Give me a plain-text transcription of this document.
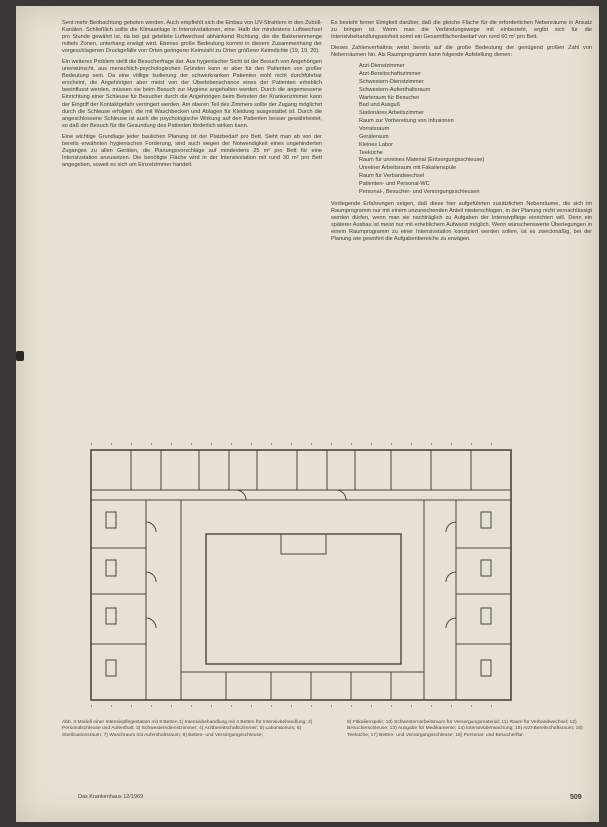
Sent mehr Beobachtung geboten werden. Auch empfiehlt sich die Einbau von UV-Strahlern in den Zubüll-Kanälen. Schließlich sollte die Klimaanlage in Intensivstationen, eine. Halb der mindestens Luftwechsel pro Stunde gewährt ist, da bei gut geleitete Luftwechsel abhänkend Richtung, die die Bakterienmenge mittels Zonen, unterhang erwägt wird. Ebenso große Bedeutung kommt in diesem Zusammenhang der vorgeschlagenen Druckgefälle von Orten geringerer Keimzahl zu Orten größerer Keimdichte (19, 19, 20).

Ein weiteres Problem stellt die Besucherfrage dar. Aus hygienischer Sicht ist der Besuch von Angehörigen unerwünscht, aus menschlich-psychologischen Gründen kann er aber für den Patienten von großer Bedeutung sein. Da eine völlige Isolierung der schwerkranken Patienten wohl nicht durchführbar erscheint, die Angehörigen aber meist von der Überlebenschance eines der Patienten erheblich beeinflusst werden, müssen sie beim Besuch zur Hygiene angehalten werden. Durch die angemessene Einrichtung einer Schleuse für Besucher durch die Angehörigen beim Betreten der Krankenzimmer kann der Eingriff der Kontaktgefahr verringert werden. Am oberen Teil des Zimmers sollte der Zugang möglichst durch die Schleuse erfolgen, die mit Waschbecken und Ablagen für Kleidung ausgestattet ist. Durch die angeschlossene Schleuse ist auch die psychologische Wirkung auf den Patienten besser gewährleistet, so daß der Besuch für die Gesundung des Patienten förderlich wirken kann.

Eine wichtige Grundlage jeder baulichen Planung ist der Platzbedarf pro Bett. Sieht man ab von der bereits erwähnten hygienischen Forderung, sind auch wegen der Notwendigkeit eines ungehinderten Zuganges zu allen Geräten, die Planungsvorschläge auf mindestens 25 m² pro Bett für eine Intensivstation anzusetzen. Die benötigte Fläche wird in der Intensivstation mit rund 30 m² pro Bett angegeben, soweit es sich um Einzelzimmer handelt.

Es besteht ferner Einigkeit darüber, daß die gleiche Fläche für die erforderlichen Nebenräume in Ansatz zu bringen ist. Wenn man die Verbindungswege mit einbezieht, ergibt sich für die Intensivbehandlungseinheit somit ein Gesamtflächenbedarf von rund 60 m² pro Bett.

Dieses Zahlenverhältnis weist bereits auf die große Bedeutung der genügend großen Zahl von Nebenräumen hin. Als Raumprogramm kann folgende Aufstellung dienen:

Arzt-Dienstzimmer
Arzt-Bereitschaftszimmer
Schwestern-Dienstzimmer
Schwestern-Aufenthaltsraum
Warteraum für Besucher
Bad und Ausguß
Stationäres Arbeitszimmer
Raum zur Vorbereitung von Infusionen
Vorratsraum
Geräteraum
Kleines Labor
Teeküche
Raum für unreines Material (Entsorgungsschleuse)
Unreiner Arbeitsraum mit Fäkalienspüle
Raum für Verbandwechsel
Patienten- und Personal-WC
Personal-, Besucher- und Versorgungsschleusen

Vorliegende Erfahrungen zeigen, daß diese hier aufgeführten zusätzlichen Nebenräume, die sich im Raumprogramm nur mit einem unzureichenden Anteil niederschlagen, in der Planung nicht vernachlässigt werden dürfen, wenn man sie nachträglich zu Aufgaben der Intensivpflege einrichten will. Denn ein späterer Ausbau ist meist nur mit erheblichem Aufwand möglich. Wenn wünschenswerte Überlegungen in einem Raumprogramm zu einer Intensivstation konzipiert werden sollen, ist es zweckmäßig, bei der Planung wie gewohnt die Aufgabenbereiche zu erwägen.

Abb. 4 Modell einer Intensivpflegestation mit 8 Betten 1) Intensivbehandlung mit 4 Betten für Intensivbehandlung; 2) Personalschleuse und Aufenthalt; 3) Schwesterndienstzimmer; 4) Arztbereitschaftszimmer; 5) Laboratorium; 6) Sterilisationsraum; 7) Waschraum mit Aufenthaltsraum; 8) Betten- und Versorgungsschleuse;
9) Fäkalienspüle; 10) Schwesternarbeitsraum für Versorgungsmaterial; 11) Raum für Verbandwechsel; 12) Besucherschleuse; 13) Ausgabe für Medikamente; 14) Intensivüberwachung; 15) Arzt-Bereitschaftsraum; 16) Teeküche; 17) Betten- und Versorgungsschleuse; 18) Personal- und Besucherflur.
Das Krankenhaus 12/1969	509
